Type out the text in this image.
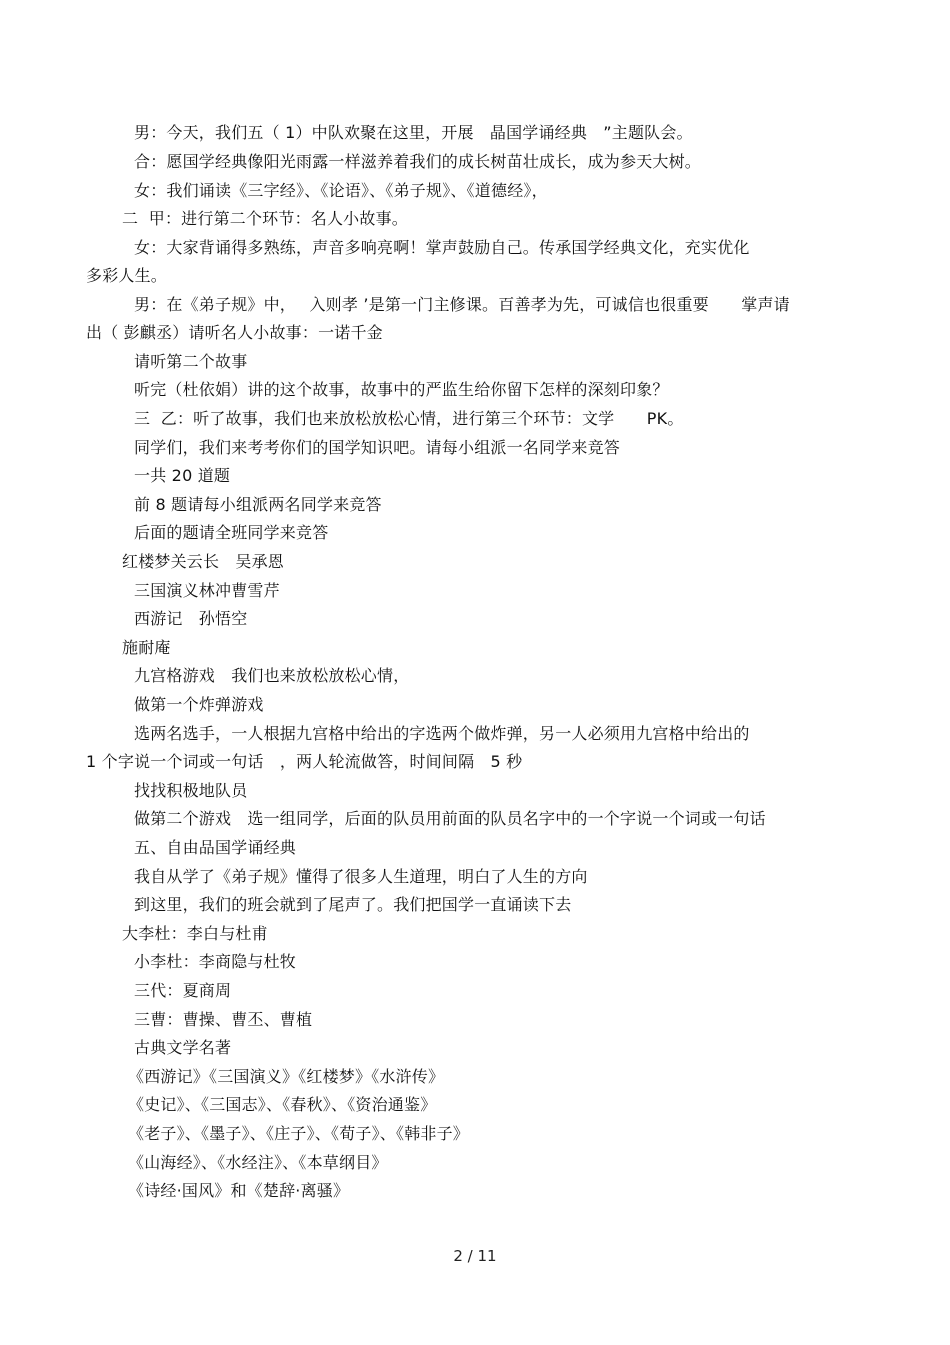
男：今天，我们五（ 1）中队欢聚在这里，开展　晶国学诵经典　”主题队会。
合：愿国学经典像阳光雨露一样滋养着我们的成长树苗壮成长，成为参天大树。
女：我们诵读《三字经》、《论语》、《弟子规》、《道德经》，
二  甲：进行第二个环节：名人小故事。
女：大家背诵得多熟练，声音多响亮啊！掌声鼓励自己。传承国学经典文化，充实优化
多彩人生。
男：在《弟子规》中，　 入则孝 ’是第一门主修课。百善孝为先，可诚信也很重要　　掌声请
出（ 彭麒丞）请听名人小故事：一诺千金
请听第二个故事
听完（杜依娟）讲的这个故事，故事中的严监生给你留下怎样的深刻印象？
三  乙：听了故事，我们也来放松放松心情，进行第三个环节：文学　　PK。
同学们，我们来考考你们的国学知识吧。请每小组派一名同学来竞答
一共 20 道题
前 8 题请每小组派两名同学来竞答
后面的题请全班同学来竞答
红楼梦关云长　吴承恩
三国演义林冲曹雪芹
西游记　孙悟空
施耐庵
九宫格游戏　我们也来放松放松心情，
做第一个炸弹游戏
选两名选手，一人根据九宫格中给出的字选两个做炸弹，另一人必须用九宫格中给出的
1 个字说一个词或一句话　，两人轮流做答，时间间隔　5 秒
找找积极地队员
做第二个游戏　选一组同学，后面的队员用前面的队员名字中的一个字说一个词或一句话
五、自由品国学诵经典
我自从学了《弟子规》懂得了很多人生道理，明白了人生的方向
到这里，我们的班会就到了尾声了。我们把国学一直诵读下去
大李杜：李白与杜甫
小李杜：李商隐与杜牧
三代：夏商周
三曹：曹操、曹丕、曹植
古典文学名著
《西游记》《三国演义》《红楼梦》《水浒传》
《史记》、《三国志》、《春秋》、《资治通鉴》
《老子》、《墨子》、《庄子》、《荀子》、《韩非子》
《山海经》、《水经注》、《本草纲目》
《诗经·国风》和《楚辞·离骚》
2 / 11
